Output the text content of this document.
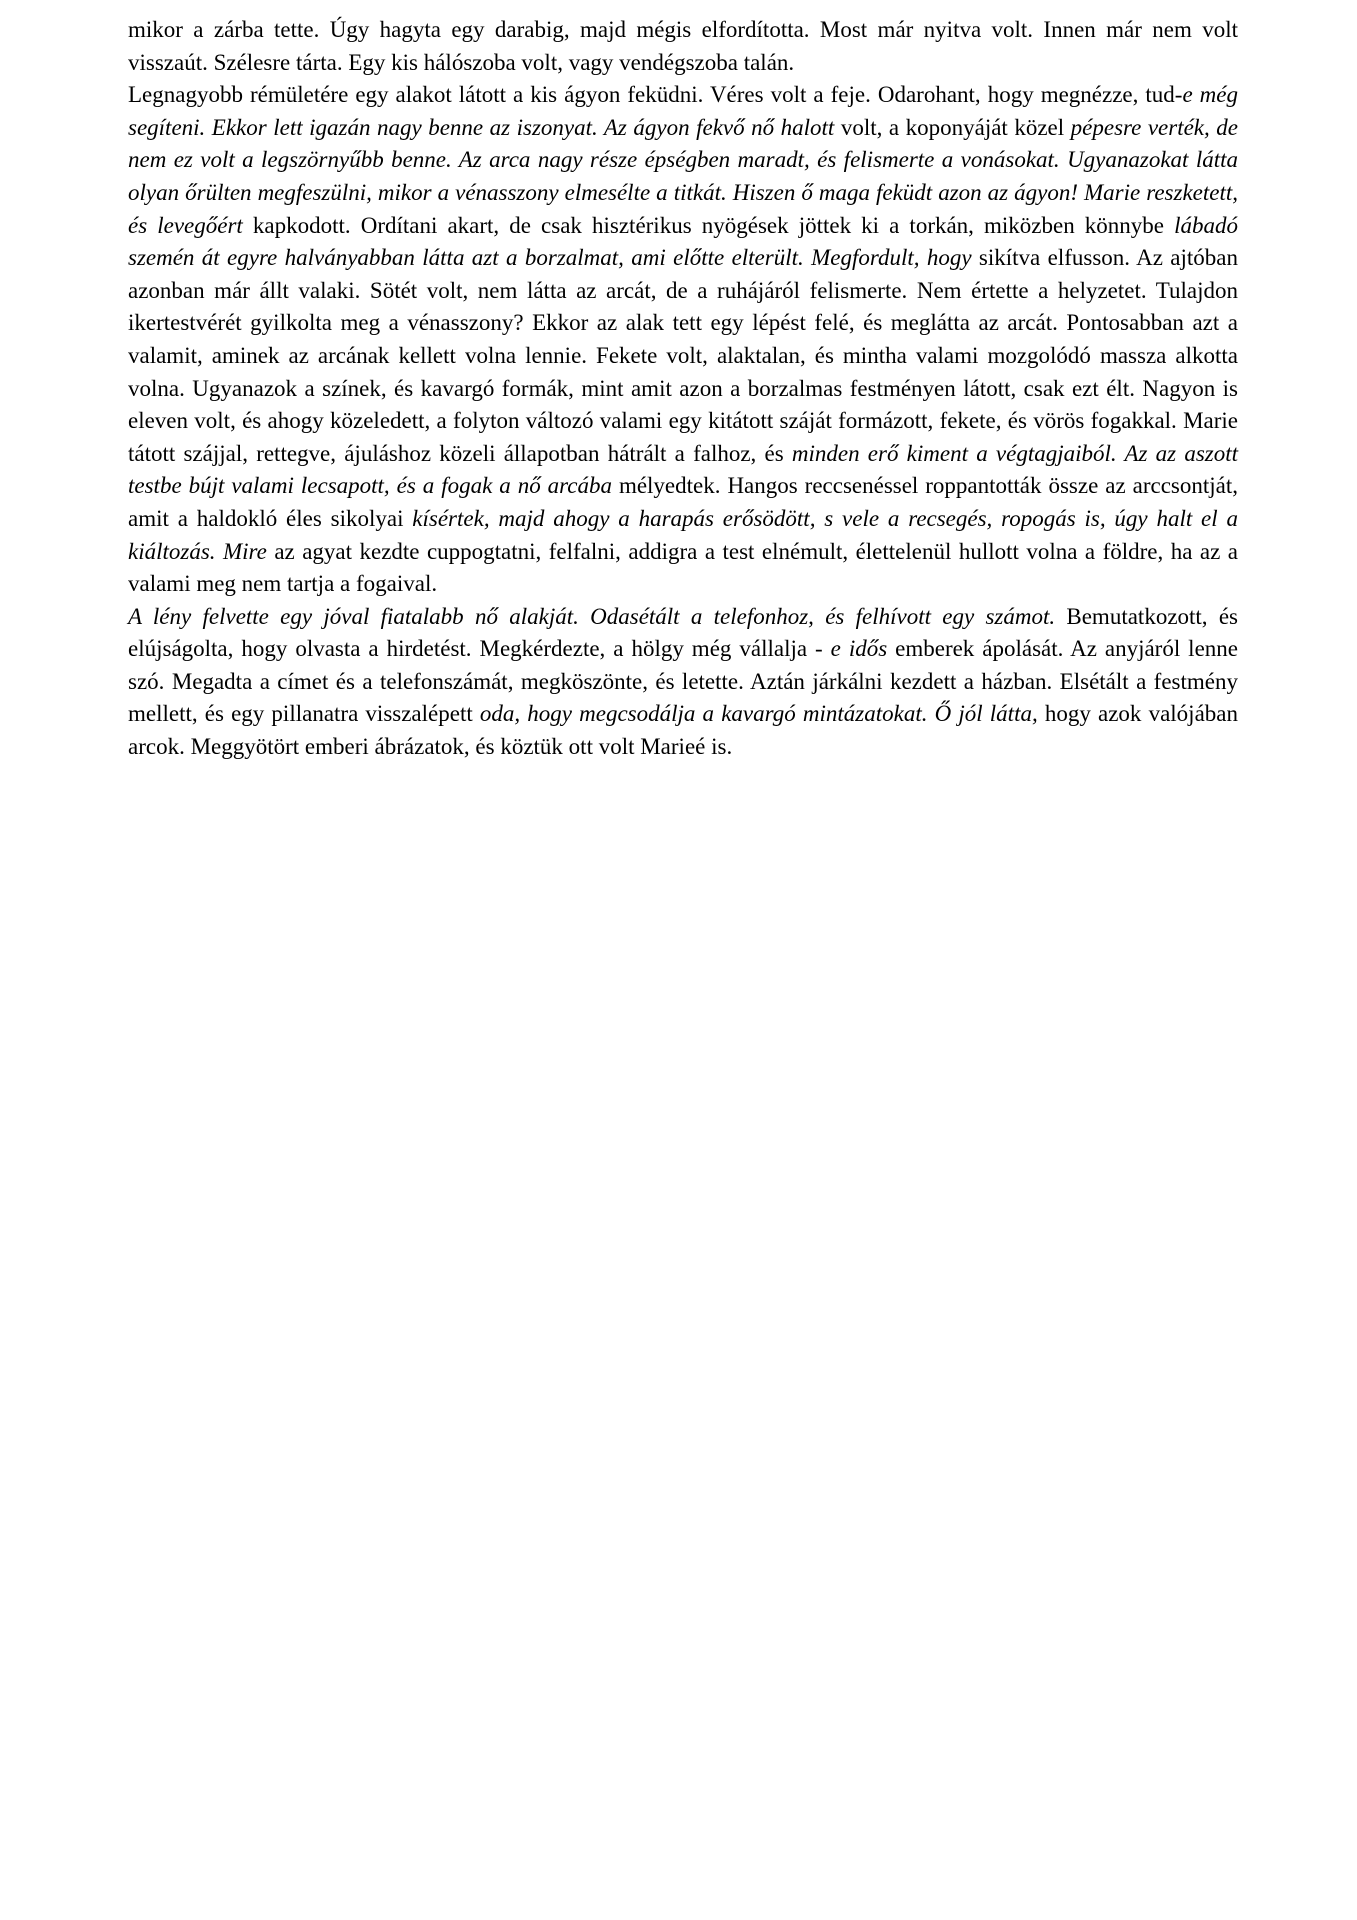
mikor a zárba tette. Úgy hagyta egy darabig, majd mégis elfordította. Most már nyitva volt. Innen már nem volt visszaút. Szélesre tárta. Egy kis hálószoba volt, vagy vendégszoba talán.

Legnagyobb rémületére egy alakot látott a kis ágyon feküdni. Véres volt a feje. Odarohant, hogy megnézze, tud-e még segíteni. Ekkor lett igazán nagy benne az iszonyat. Az ágyon fekvő nő halott volt, a koponyáját közel pépesre verték, de nem ez volt a legszörnyűbb benne. Az arca nagy része épségben maradt, és felismerte a vonásokat. Ugyanazokat látta olyan őrülten megfeszülni, mikor a vénasszony elmesélte a titkát. Hiszen ő maga feküdt azon az ágyon! Marie reszketett, és levegőért kapkodott. Ordítani akart, de csak hisztérikus nyögések jöttek ki a torkán, miközben könnybe lábadó szemén át egyre halványabban látta azt a borzalmat, ami előtte elterült. Megfordult, hogy sikítva elfusson. Az ajtóban azonban már állt valaki. Sötét volt, nem látta az arcát, de a ruhájáról felismerte. Nem értette a helyzetet. Tulajdon ikertestvérét gyilkolta meg a vénasszony? Ekkor az alak tett egy lépést felé, és meglátta az arcát. Pontosabban azt a valamit, aminek az arcának kellett volna lennie. Fekete volt, alaktalan, és mintha valami mozgolódó massza alkotta volna. Ugyanazok a színek, és kavargó formák, mint amit azon a borzalmas festményen látott, csak ezt élt. Nagyon is eleven volt, és ahogy közeledett, a folyton változó valami egy kitátott száját formázott, fekete, és vörös fogakkal. Marie tátott szájjal, rettegve, ájuláshoz közeli állapotban hátrált a falhoz, és minden erő kiment a végtagjaiból. Az az aszott testbe bújt valami lecsapott, és a fogak a nő arcába mélyedtek. Hangos reccsenéssel roppantották össze az arccsontját, amit a haldokló éles sikolyai kísértek, majd ahogy a harapás erősödött, s vele a recsegés, ropogás is, úgy halt el a kiáltozás. Mire az agyat kezdte cuppogtatni, felfalni, addigra a test elnémult, élettelenül hullott volna a földre, ha az a valami meg nem tartja a fogaival.

A lény felvette egy jóval fiatalabb nő alakját. Odasétált a telefonhoz, és felhívott egy számot. Bemutatkozott, és elújságolta, hogy olvasta a hirdetést. Megkérdezte, a hölgy még vállalja - e idős emberek ápolását. Az anyjáról lenne szó. Megadta a címet és a telefonszámát, megköszönte, és letette. Aztán járkálni kezdett a házban. Elsétált a festmény mellett, és egy pillanatra visszalépett oda, hogy megcsodálja a kavargó mintázatokat. Ő jól látta, hogy azok valójában arcok. Meggyötört emberi ábrázatok, és köztük ott volt Marieé is.
